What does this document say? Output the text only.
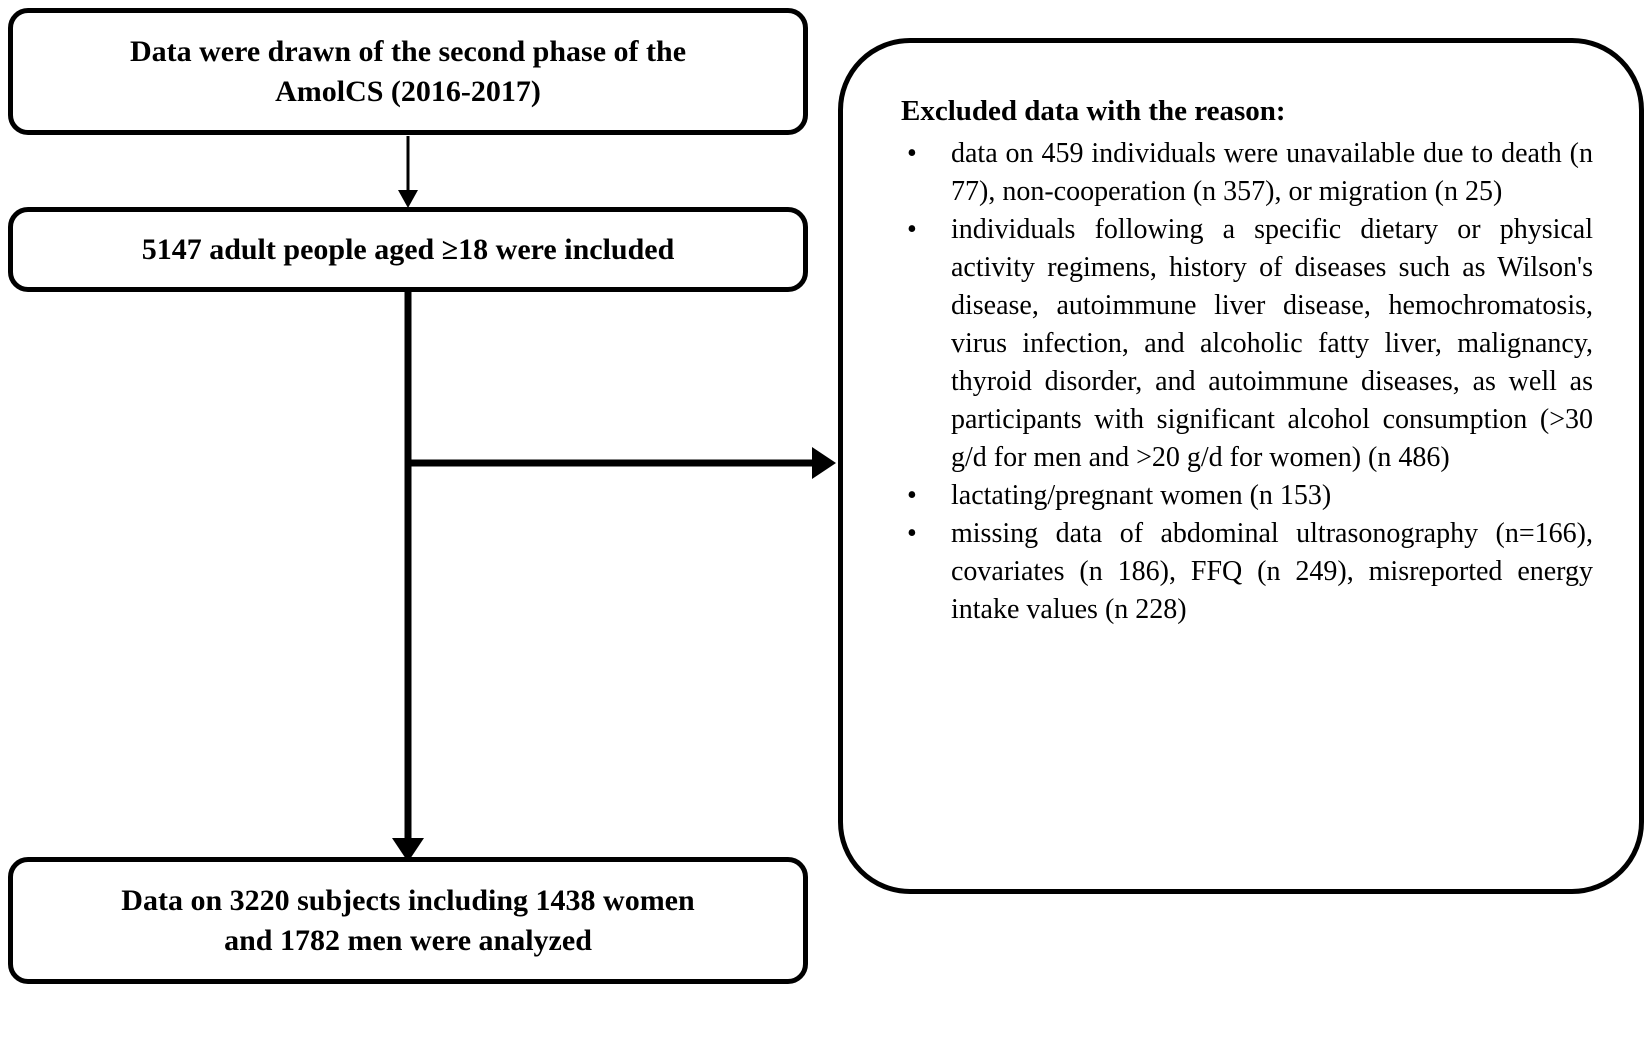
Data were drawn of the second phase of the
AmolCS (2016-2017)
5147 adult people aged ≥18 were included
Excluded data with the reason:
•	data on 459 individuals were unavailable due to death (n 77), non-cooperation (n 357), or migration (n 25)
•	individuals following a specific dietary or physical activity regimens, history of diseases such as Wilson's disease, autoimmune liver disease, hemochromatosis, virus infection, and alcoholic fatty liver, malignancy, thyroid disorder, and autoimmune diseases, as well as participants with significant alcohol consumption (>30 g/d for men and >20 g/d for women) (n 486)
•	lactating/pregnant women (n 153)
•	missing data of abdominal ultrasonography (n=166), covariates (n 186), FFQ (n 249), misreported energy intake values (n 228)
Data on 3220 subjects including 1438 women
and 1782 men were analyzed
